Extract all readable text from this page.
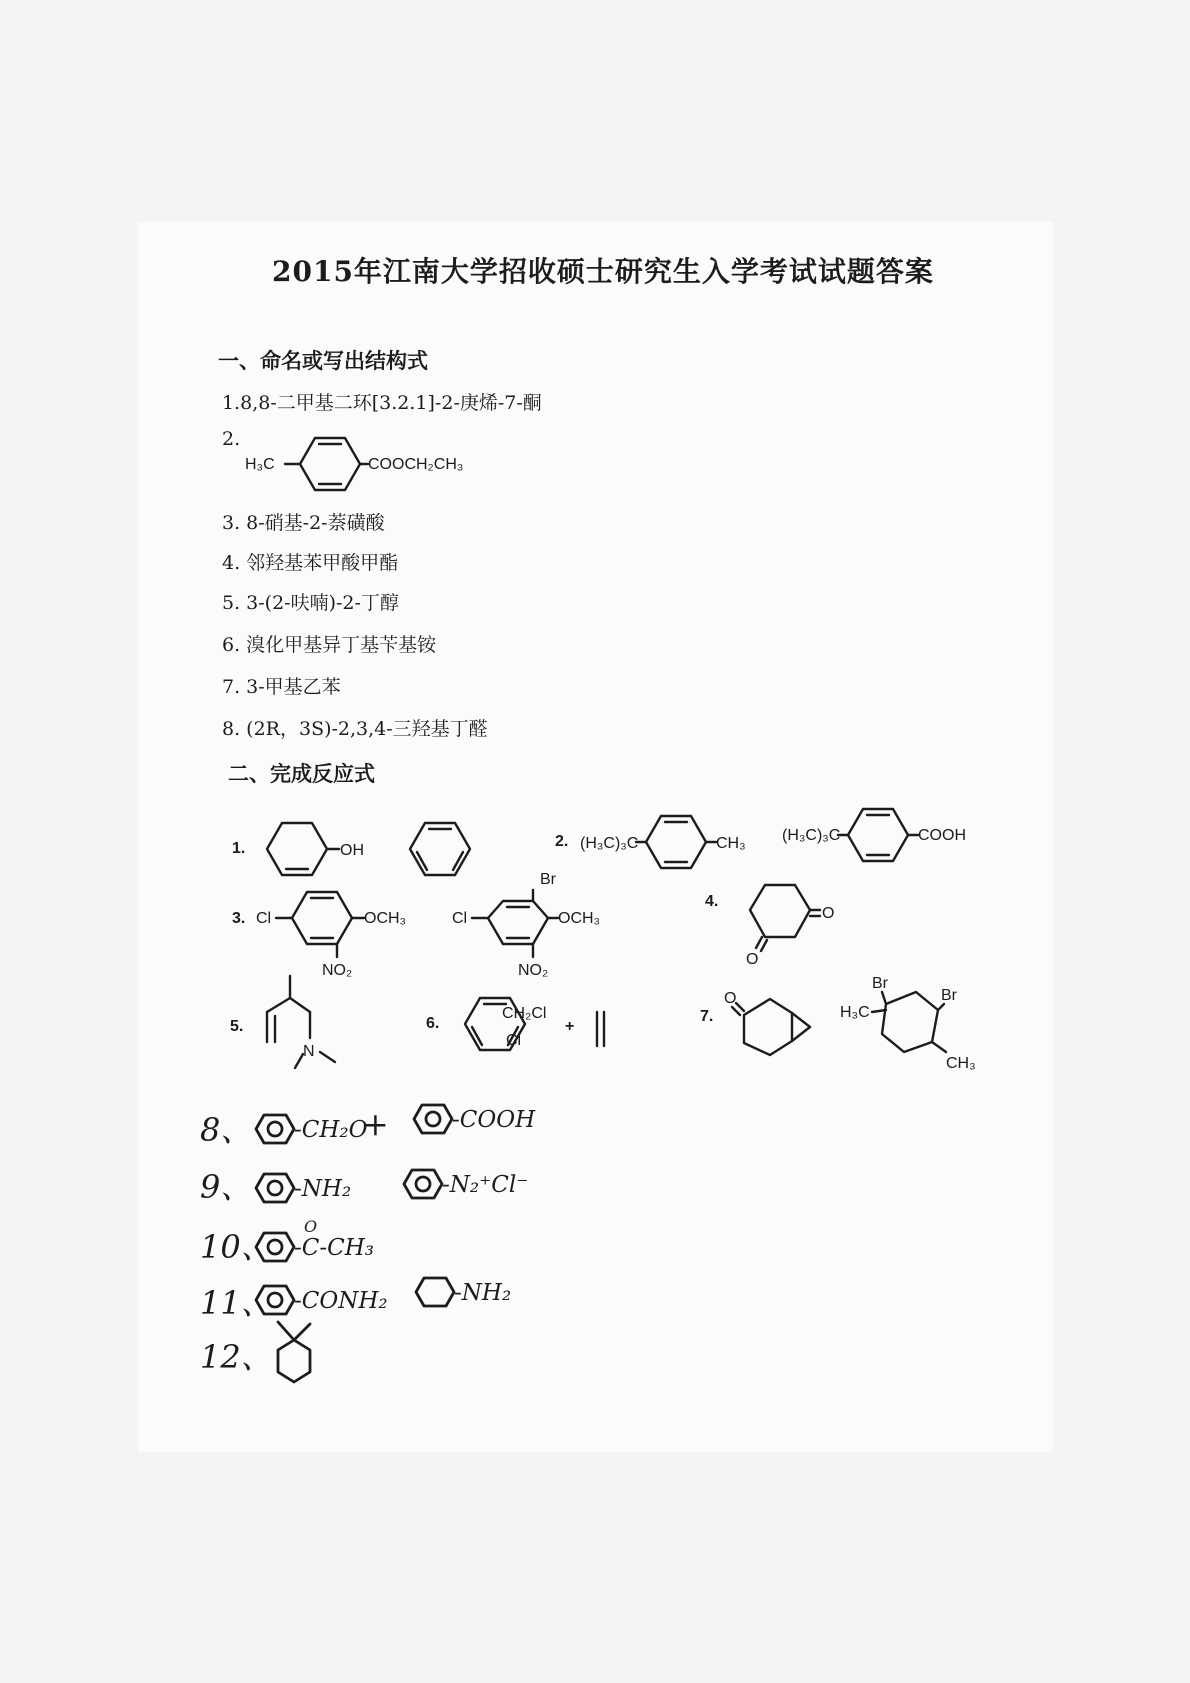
2015年江南大学招收硕士研究生入学考试试题答案
一、命名或写出结构式
1.8,8-二甲基二环[3.2.1]-2-庚烯-7-酮
2.
H₃C	COOCH₂CH₃
3. 8-硝基-2-萘磺酸
4. 邻羟基苯甲酸甲酯
5. 3-(2-呋喃)-2-丁醇
6. 溴化甲基异丁基苄基铵
7. 3-甲基乙苯
8. (2R，3S)-2,3,4-三羟基丁醛
二、完成反应式
1.	OH
2. (H₃C)₃C	CH₃ (H₃C)₃C	COOH
3. Cl	OCH₃
NO₂
Br
Cl	OCH₃
NO₂
4.
O
O
5.
N
6.
CH₂Cl
Cl
+
7.
O
Br
H₃C
Br
CH₃
8、 -CH₂O
+	-COOH
9、 -NH₂	-N₂⁺Cl⁻
10、
O
-C-CH₃
11、 -CONH₂	-NH₂
12、
